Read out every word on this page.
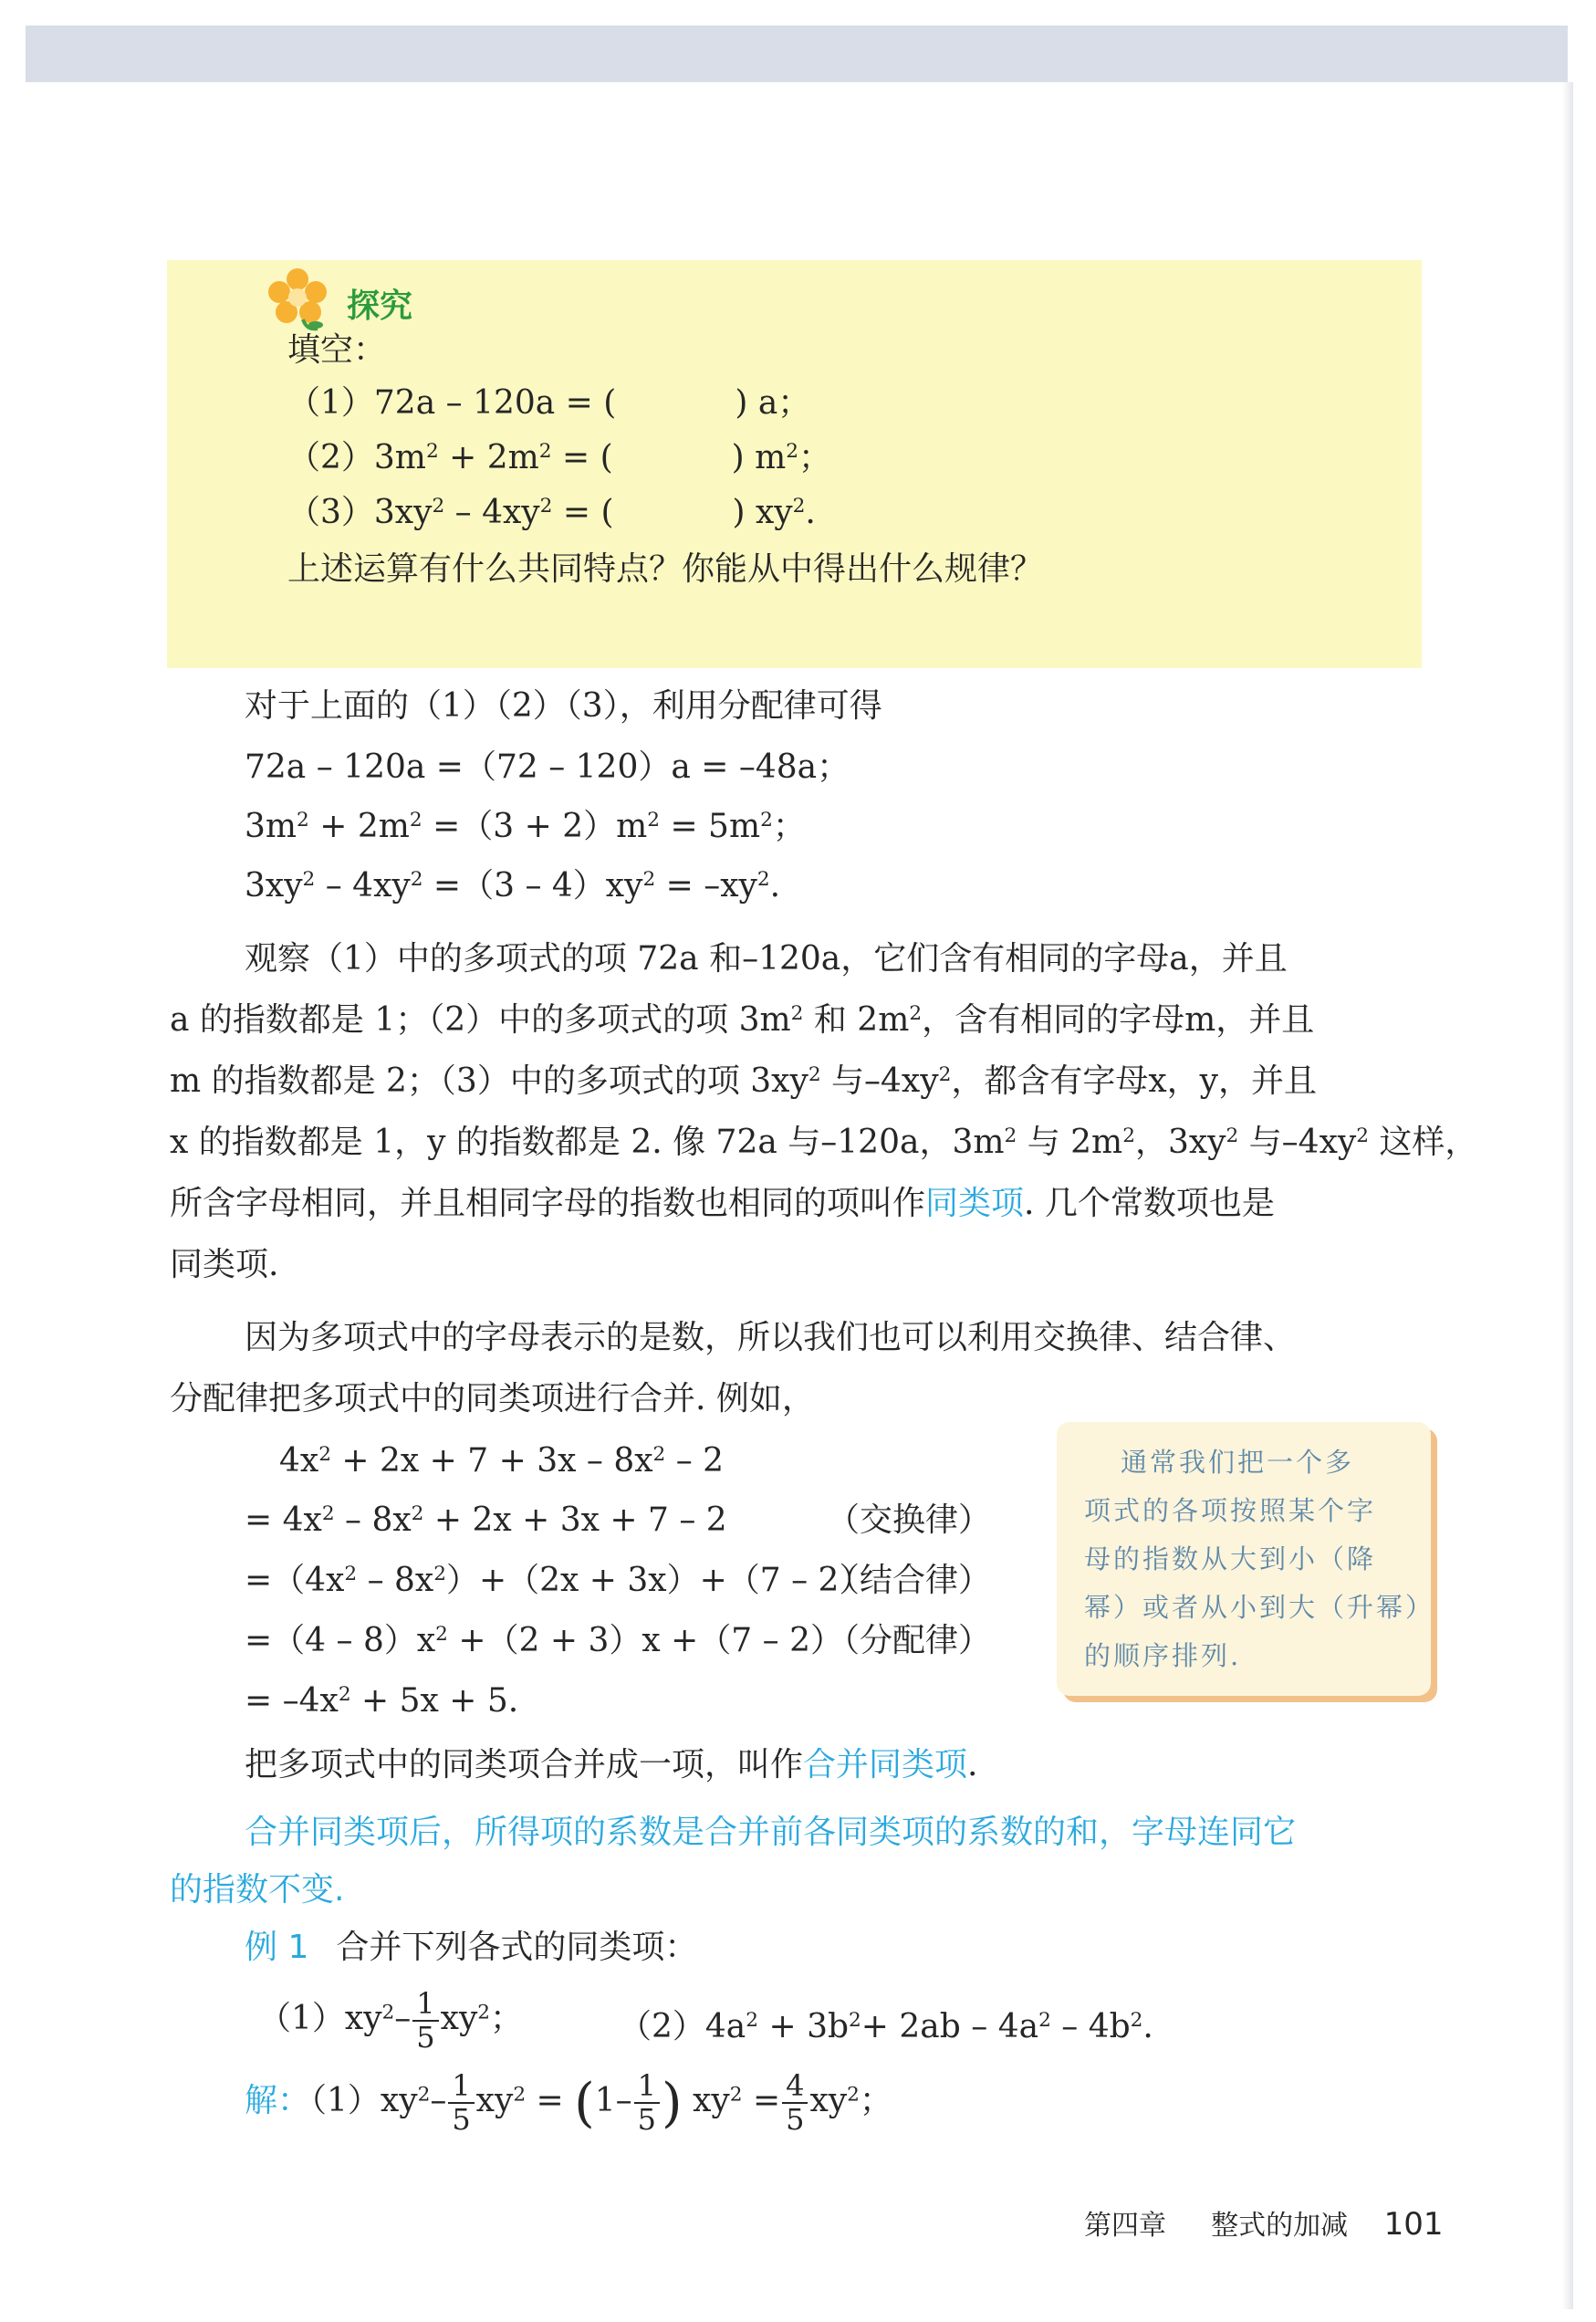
探究
填空：
（1）72a – 120a = (	) a；
$(2)3m^2 + 2m^2$ = (	) $m^2$；
$(3)3xy^2 - 4xy^2$ = (	) $xy^2$.
上述运算有什么共同特点？你能从中得出什么规律？
对于上面的（1）（2）（3），利用分配律可得
72a – 120a =（72 – 120）a = –48a；
$3m^2 + 2m^2 =(3 + 2)m^2 = 5m^2$；
$3xy^2 - 4xy^2 =(3 - 4)xy^2 = -xy^2$.
观察（1）中的多项式的项 72a 和–120a，它们含有相同的字母a，并且
a 的指数都是 1；（2）中的多项式的项 $3m^2$ 和 $2m^2$，含有相同的字母m，并且
m 的指数都是 2；（3）中的多项式的项 $3xy^2$ 与$-4xy^2$，都含有字母x，y，并且
x 的指数都是 1，y 的指数都是 2. 像 72a 与–120a，$3m^2$ 与 $2m^2$，$3xy^2$ 与$-4xy^2$ 这样，
所含字母相同，并且相同字母的指数也相同的项叫作同类项. 几个常数项也是
同类项.
因为多项式中的字母表示的是数，所以我们也可以利用交换律、结合律、
分配律把多项式中的同类项进行合并. 例如，
$4x^2 + 2x + 7 + 3x - 8x^2 - 2$
= $4x^2 - 8x^2 + 2x + 3x + 7 - 2$	（交换律）
$=(4x^2 - 8x^2)+(2x + 3x)+(7 - 2)$
（结合律）
$=(4 - 8)x^2 +(2 + 3)x +(7 - 2)$
（分配律）
= $-4x^2 + 5x + 5$.
通常我们把一个多
项式的各项按照某个字
母的指数从大到小（降
幂）或者从小到大（升幂）
的顺序排列.
把多项式中的同类项合并成一项，叫作合并同类项.
合并同类项后，所得项的系数是合并前各同类项的系数的和，字母连同它
的指数不变.
例 1 合并下列各式的同类项：
$(1)xy^2- \frac{1}{5} xy^2$；	$(2)4a^2 + 3b^2+ 2ab - 4a^2 - 4b^2$.
解：$(1)xy^2- \frac{1}{5} xy^2 = (1- \frac{1}{5}$ ) $xy^2 = \frac{4}{5} xy^2$；
第四章 整式的加减 101
